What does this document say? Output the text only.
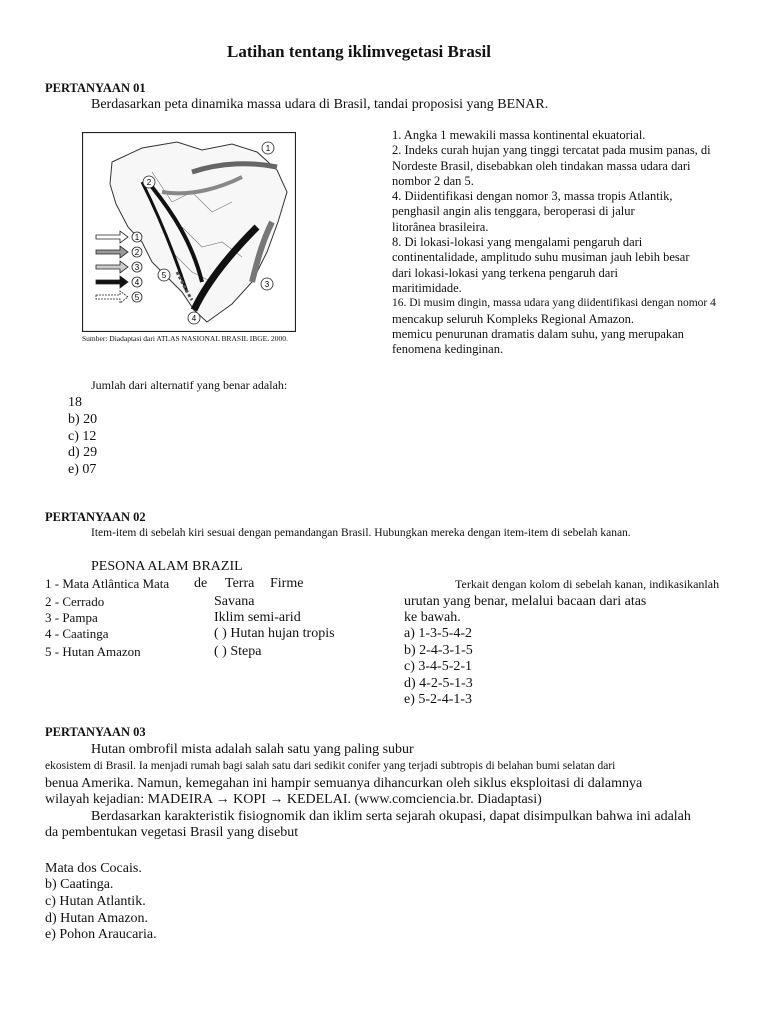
Latihan tentang iklimvegetasi Brasil
PERTANYAAN 01
Berdasarkan peta dinamika massa udara di Brasil, tandai proposisi yang BENAR.
1
2
3
4
5
1
2
3
4
5
Sumber: Diadaptasi dari ATLAS NASIONAL BRASIL IBGE. 2000.
1. Angka 1 mewakili massa kontinental ekuatorial.
2. Indeks curah hujan yang tinggi tercatat pada musim panas, di
Nordeste Brasil, disebabkan oleh tindakan massa udara dari
nombor 2 dan 5.
4. Diidentifikasi dengan nomor 3, massa tropis Atlantik,
penghasil angin alis tenggara, beroperasi di jalur
litorânea brasileira.
8. Di lokasi-lokasi yang mengalami pengaruh dari
continentalidade, amplitudo suhu musiman jauh lebih besar
dari lokasi-lokasi yang terkena pengaruh dari
maritimidade.
16. Di musim dingin, massa udara yang diidentifikasi dengan nomor 4
mencakup seluruh Kompleks Regional Amazon.
memicu penurunan dramatis dalam suhu, yang merupakan
fenomena kedinginan.
Jumlah dari alternatif yang benar adalah:
18
b) 20
c) 12
d) 29
e) 07
PERTANYAAN 02
Item-item di sebelah kiri sesuai dengan pemandangan Brasil. Hubungkan mereka dengan item-item di sebelah kanan.
PESONA ALAM BRAZIL
1 - Mata Atlântica Mata
2 - Cerrado
3 - Pampa
4 - Caatinga
5 - Hutan Amazon
de Terra Firme
Savana
Iklim semi-arid
( ) Hutan hujan tropis
( ) Stepa
Terkait dengan kolom di sebelah kanan, indikasikanlah
urutan yang benar, melalui bacaan dari atas
ke bawah.
a) 1-3-5-4-2
b) 2-4-3-1-5
c) 3-4-5-2-1
d) 4-2-5-1-3
e) 5-2-4-1-3
PERTANYAAN 03
Hutan ombrofil mista adalah salah satu yang paling subur
ekosistem di Brasil. Ia menjadi rumah bagi salah satu dari sedikit conifer yang terjadi subtropis di belahan bumi selatan dari
benua Amerika. Namun, kemegahan ini hampir semuanya dihancurkan oleh siklus eksploitasi di dalamnya
wilayah kejadian: MADEIRA → KOPI → KEDELAI. (www.comciencia.br. Diadaptasi)
Berdasarkan karakteristik fisiognomik dan iklim serta sejarah okupasi, dapat disimpulkan bahwa ini adalah
da pembentukan vegetasi Brasil yang disebut
Mata dos Cocais.
b) Caatinga.
c) Hutan Atlantik.
d) Hutan Amazon.
e) Pohon Araucaria.
